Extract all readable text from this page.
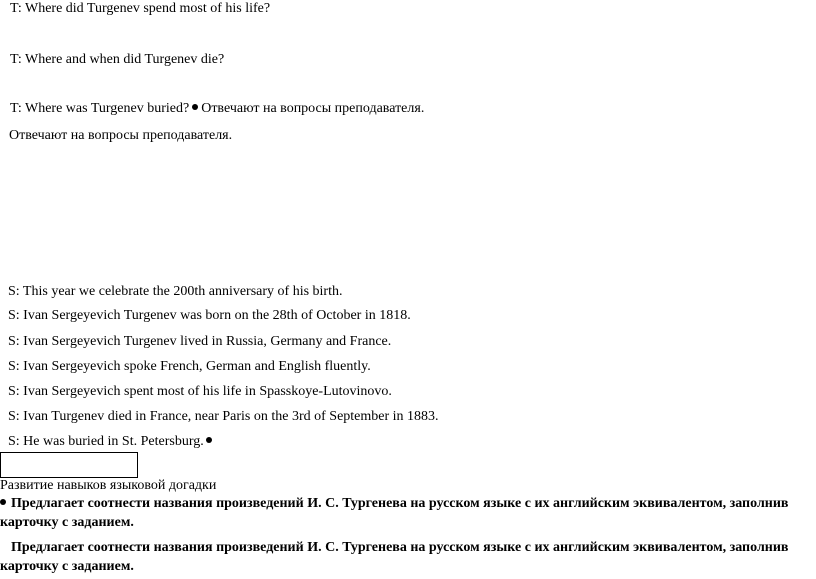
T: Where did Turgenev spend most of his life?
T: Where and when did Turgenev die?
T: Where was Turgenev buried? Отвечают на вопросы преподавателя.
Отвечают на вопросы преподавателя.
S: This year we celebrate the 200th anniversary of his birth.
S: Ivan Sergeyevich Turgenev was born on the 28th of October in 1818.
S: Ivan Sergeyevich Turgenev lived in Russia, Germany and France.
S: Ivan Sergeyevich spoke French, German and English fluently.
S: Ivan Sergeyevich spent most of his life in Spasskoye-Lutovinovo.
S: Ivan Turgenev died in France, near Paris on the 3rd of September in 1883.
S: He was buried in St. Petersburg.
Развитие навыков языковой догадки
Предлагает соотнести названия произведений И. С. Тургенева на русском языке с их английским эквивалентом, заполнив карточку с заданием.
Предлагает соотнести названия произведений И. С. Тургенева на русском языке с их английским эквивалентом, заполнив карточку с заданием.
